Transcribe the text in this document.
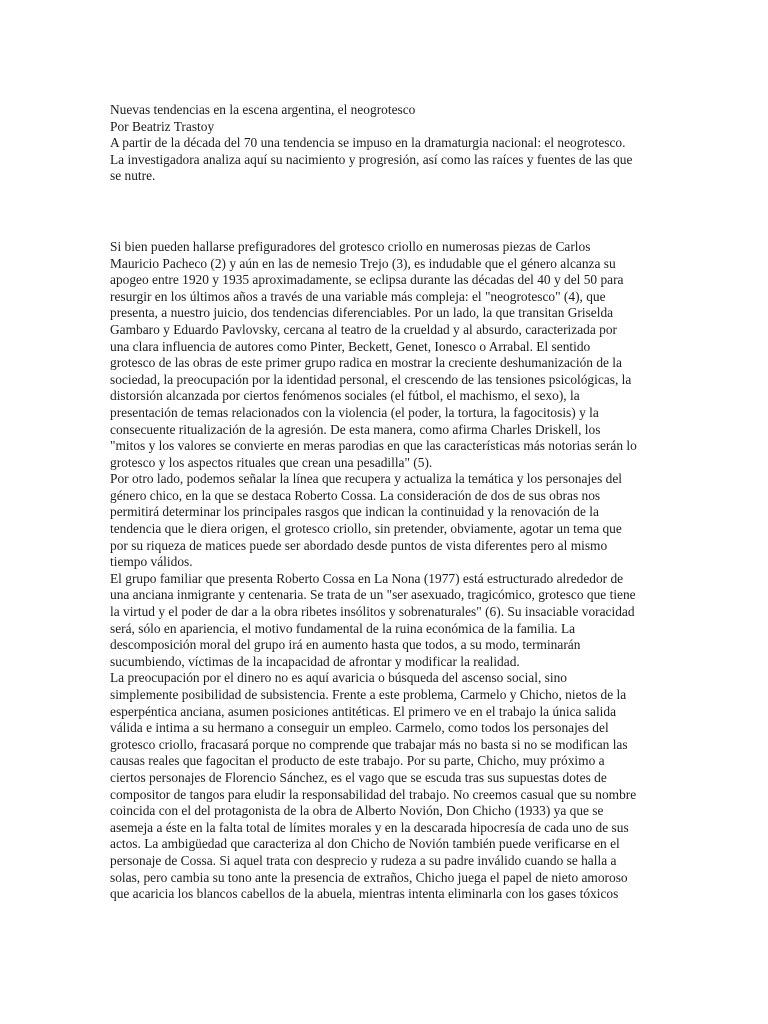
Nuevas tendencias en la escena argentina, el neogrotesco
Por Beatriz Trastoy

A partir de la década del 70 una tendencia se impuso en la dramaturgia nacional: el neogrotesco.
La investigadora analiza aquí su nacimiento y progresión, así como las raíces y fuentes de las que
se nutre.

Si bien pueden hallarse prefiguradores del grotesco criollo en numerosas piezas de Carlos
Mauricio Pacheco (2) y aún en las de nemesio Trejo (3), es indudable que el género alcanza su
apogeo entre 1920 y 1935 aproximadamente, se eclipsa durante las décadas del 40 y del 50 para
resurgir en los últimos años a través de una variable más compleja: el "neogrotesco" (4), que
presenta, a nuestro juicio, dos tendencias diferenciables. Por un lado, la que transitan Griselda
Gambaro y Eduardo Pavlovsky, cercana al teatro de la crueldad y al absurdo, caracterizada por
una clara influencia de autores como Pinter, Beckett, Genet, Ionesco o Arrabal. El sentido
grotesco de las obras de este primer grupo radica en mostrar la creciente deshumanización de la
sociedad, la preocupación por la identidad personal, el crescendo de las tensiones psicológicas, la
distorsión alcanzada por ciertos fenómenos sociales (el fútbol, el machismo, el sexo), la
presentación de temas relacionados con la violencia (el poder, la tortura, la fagocitosis) y la
consecuente ritualización de la agresión. De esta manera, como afirma Charles Driskell, los
"mitos y los valores se convierte en meras parodias en que las características más notorias serán lo
grotesco y los aspectos rituales que crean una pesadilla" (5).

Por otro lado, podemos señalar la línea que recupera y actualiza la temática y los personajes del
género chico, en la que se destaca Roberto Cossa. La consideración de dos de sus obras nos
permitirá determinar los principales rasgos que indican la continuidad y la renovación de la
tendencia que le diera origen, el grotesco criollo, sin pretender, obviamente, agotar un tema que
por su riqueza de matices puede ser abordado desde puntos de vista diferentes pero al mismo
tiempo válidos.

El grupo familiar que presenta Roberto Cossa en La Nona (1977) está estructurado alrededor de
una anciana inmigrante y centenaria. Se trata de un "ser asexuado, tragicómico, grotesco que tiene
la virtud y el poder de dar a la obra ribetes insólitos y sobrenaturales" (6). Su insaciable voracidad
será, sólo en apariencia, el motivo fundamental de la ruina económica de la familia. La
descomposición moral del grupo irá en aumento hasta que todos, a su modo, terminarán
sucumbiendo, víctimas de la incapacidad de afrontar y modificar la realidad.

La preocupación por el dinero no es aquí avaricia o búsqueda del ascenso social, sino
simplemente posibilidad de subsistencia. Frente a este problema, Carmelo y Chicho, nietos de la
esperpéntica anciana, asumen posiciones antitéticas. El primero ve en el trabajo la única salida
válida e intima a su hermano a conseguir un empleo. Carmelo, como todos los personajes del
grotesco criollo, fracasará porque no comprende que trabajar más no basta si no se modifican las
causas reales que fagocitan el producto de este trabajo. Por su parte, Chicho, muy próximo a
ciertos personajes de Florencio Sánchez, es el vago que se escuda tras sus supuestas dotes de
compositor de tangos para eludir la responsabilidad del trabajo. No creemos casual que su nombre
coincida con el del protagonista de la obra de Alberto Novión, Don Chicho (1933) ya que se
asemeja a éste en la falta total de límites morales y en la descarada hipocresía de cada uno de sus
actos. La ambigüedad que caracteriza al don Chicho de Novión también puede verificarse en el
personaje de Cossa. Si aquel trata con desprecio y rudeza a su padre inválido cuando se halla a
solas, pero cambia su tono ante la presencia de extraños, Chicho juega el papel de nieto amoroso
que acaricia los blancos cabellos de la abuela, mientras intenta eliminarla con los gases tóxicos
